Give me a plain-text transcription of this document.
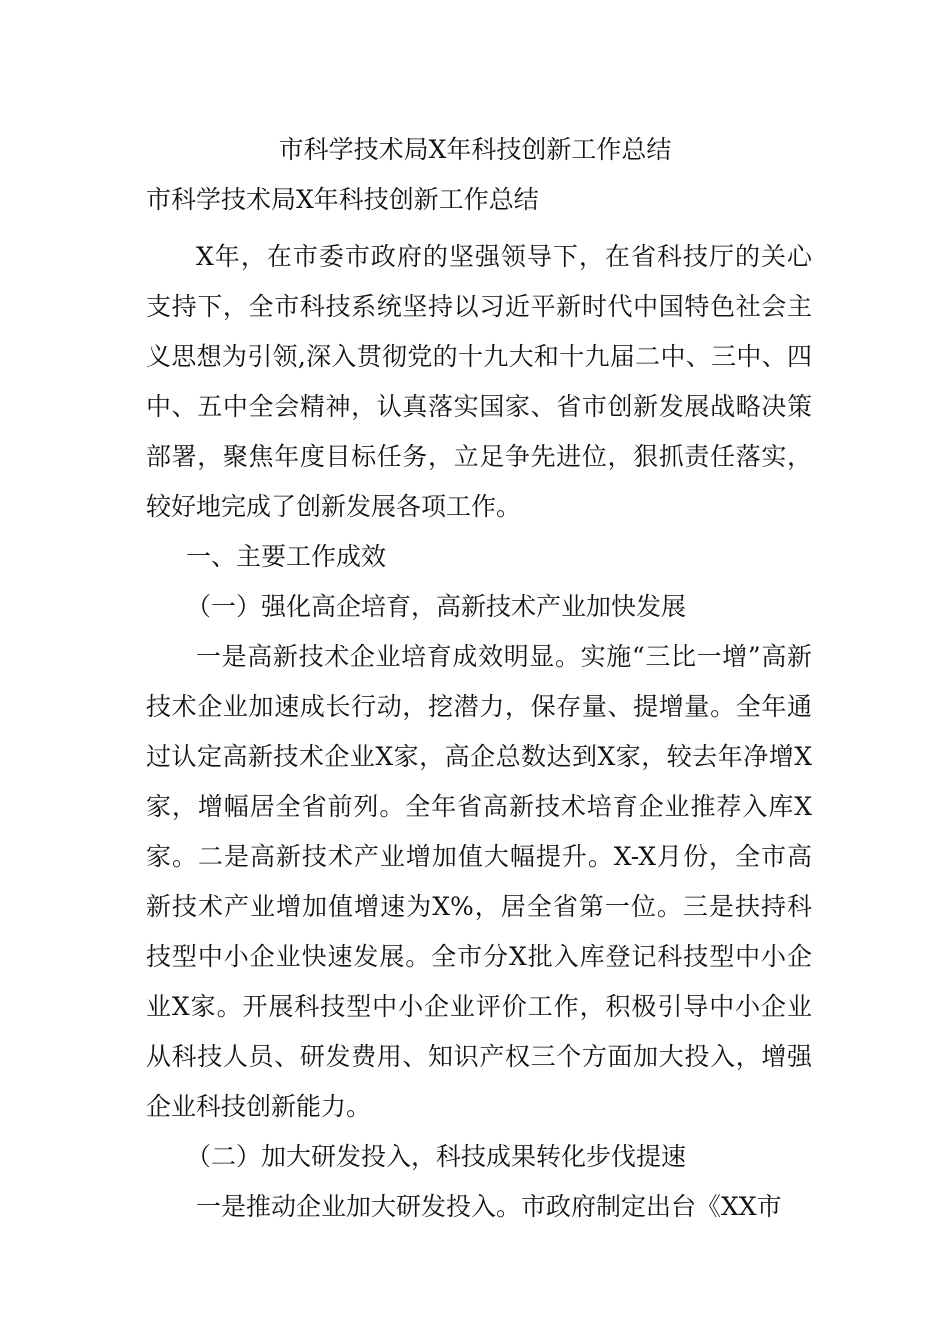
市科学技术局X年科技创新工作总结
市科学技术局X年科技创新工作总结

X年，在市委市政府的坚强领导下，在省科技厅的关心支持下，全市科技系统坚持以习近平新时代中国特色社会主义思想为引领,深入贯彻党的十九大和十九届二中、三中、四中、五中全会精神，认真落实国家、省市创新发展战略决策部署，聚焦年度目标任务，立足争先进位，狠抓责任落实，较好地完成了创新发展各项工作。

一、主要工作成效

（一）强化高企培育，高新技术产业加快发展

一是高新技术企业培育成效明显。实施“三比一增”高新技术企业加速成长行动，挖潜力，保存量、提增量。全年通过认定高新技术企业X家，高企总数达到X家，较去年净增X家，增幅居全省前列。全年省高新技术培育企业推荐入库X家。二是高新技术产业增加值大幅提升。X-X月份，全市高新技术产业增加值增速为X%，居全省第一位。三是扶持科技型中小企业快速发展。全市分X批入库登记科技型中小企业X家。开展科技型中小企业评价工作，积极引导中小企业从科技人员、研发费用、知识产权三个方面加大投入，增强企业科技创新能力。

（二）加大研发投入，科技成果转化步伐提速

一是推动企业加大研发投入。市政府制定出台《XX市
